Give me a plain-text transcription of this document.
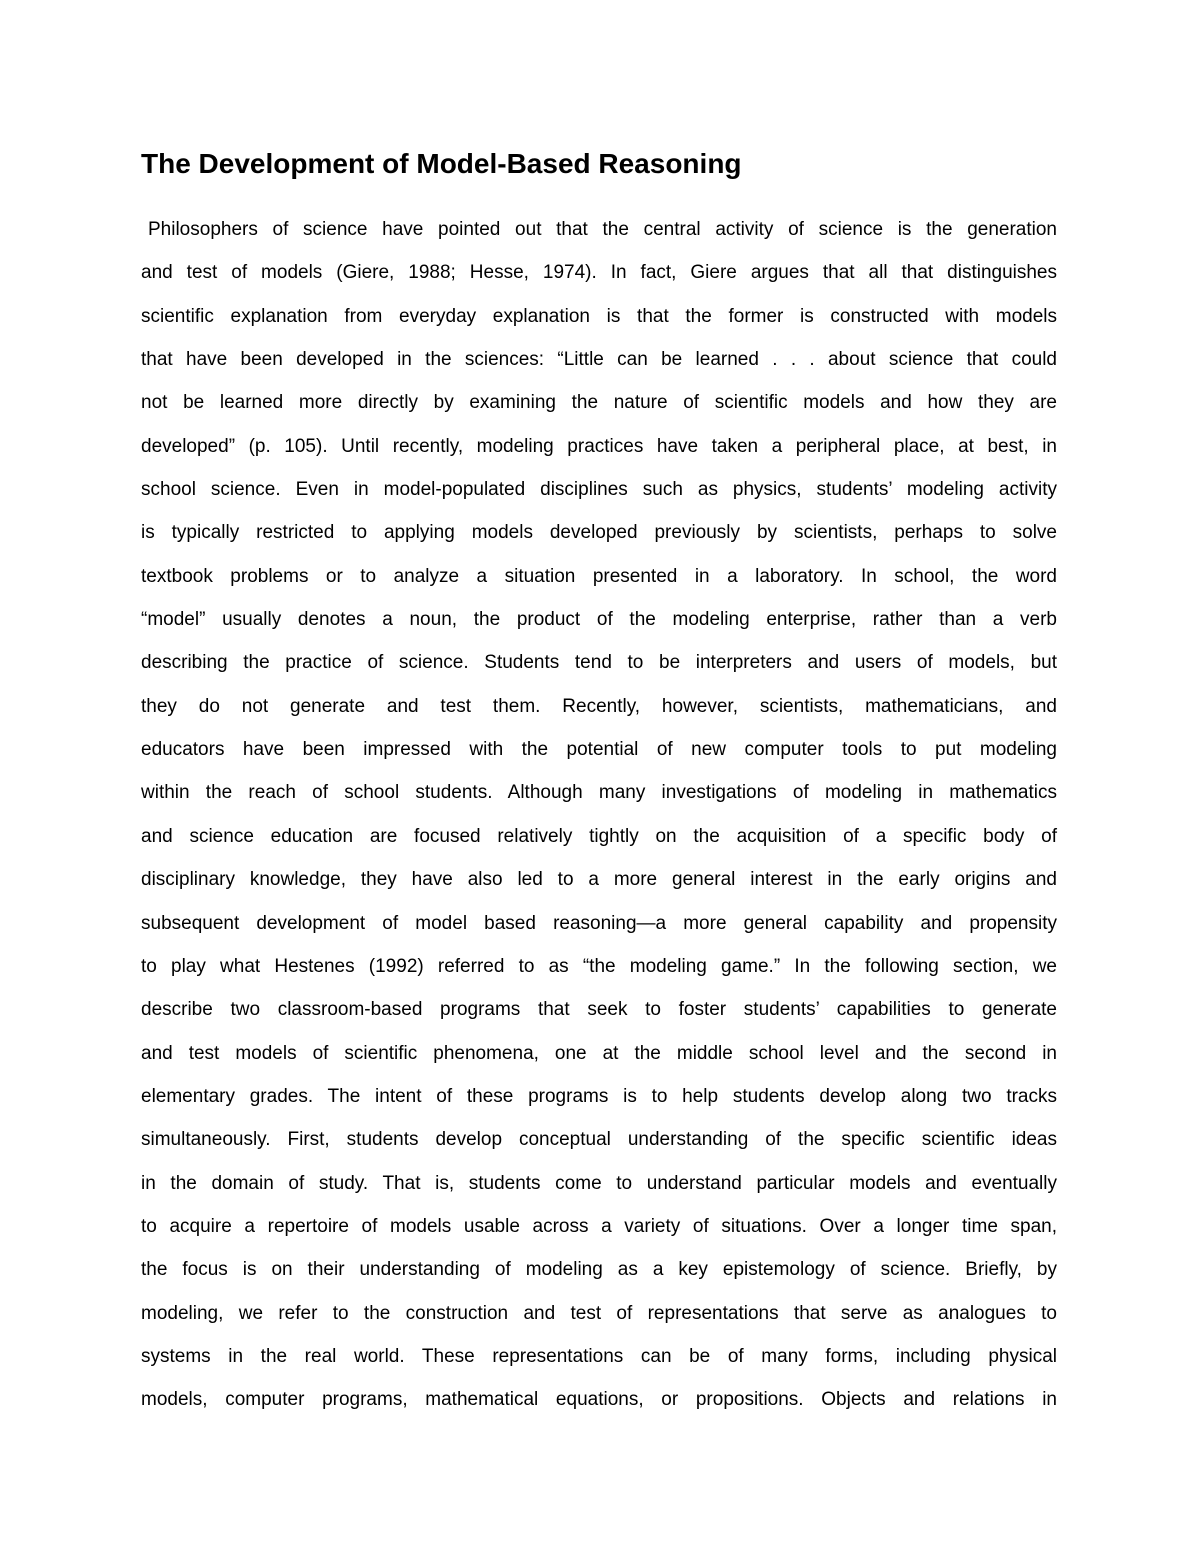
The Development of Model-Based Reasoning
Philosophers of science have pointed out that the central activity of science is the generation
and test of models (Giere, 1988; Hesse, 1974). In fact, Giere argues that all that distinguishes
scientific explanation from everyday explanation is that the former is constructed with models
that have been developed in the sciences: “Little can be learned . . . about science that could
not be learned more directly by examining the nature of scientific models and how they are
developed” (p. 105). Until recently, modeling practices have taken a peripheral place, at best, in
school science. Even in model-populated disciplines such as physics, students’ modeling activity
is typically restricted to applying models developed previously by scientists, perhaps to solve
textbook problems or to analyze a situation presented in a laboratory. In school, the word
“model” usually denotes a noun, the product of the modeling enterprise, rather than a verb
describing the practice of science. Students tend to be interpreters and users of models, but
they do not generate and test them. Recently, however, scientists, mathematicians, and
educators have been impressed with the potential of new computer tools to put modeling
within the reach of school students. Although many investigations of modeling in mathematics
and science education are focused relatively tightly on the acquisition of a specific body of
disciplinary knowledge, they have also led to a more general interest in the early origins and
subsequent development of model based reasoning—a more general capability and propensity
to play what Hestenes (1992) referred to as “the modeling game.” In the following section, we
describe two classroom-based programs that seek to foster students’ capabilities to generate
and test models of scientific phenomena, one at the middle school level and the second in
elementary grades. The intent of these programs is to help students develop along two tracks
simultaneously. First, students develop conceptual understanding of the specific scientific ideas
in the domain of study. That is, students come to understand particular models and eventually
to acquire a repertoire of models usable across a variety of situations. Over a longer time span,
the focus is on their understanding of modeling as a key epistemology of science. Briefly, by
modeling, we refer to the construction and test of representations that serve as analogues to
systems in the real world. These representations can be of many forms, including physical
models, computer programs, mathematical equations, or propositions. Objects and relations in
